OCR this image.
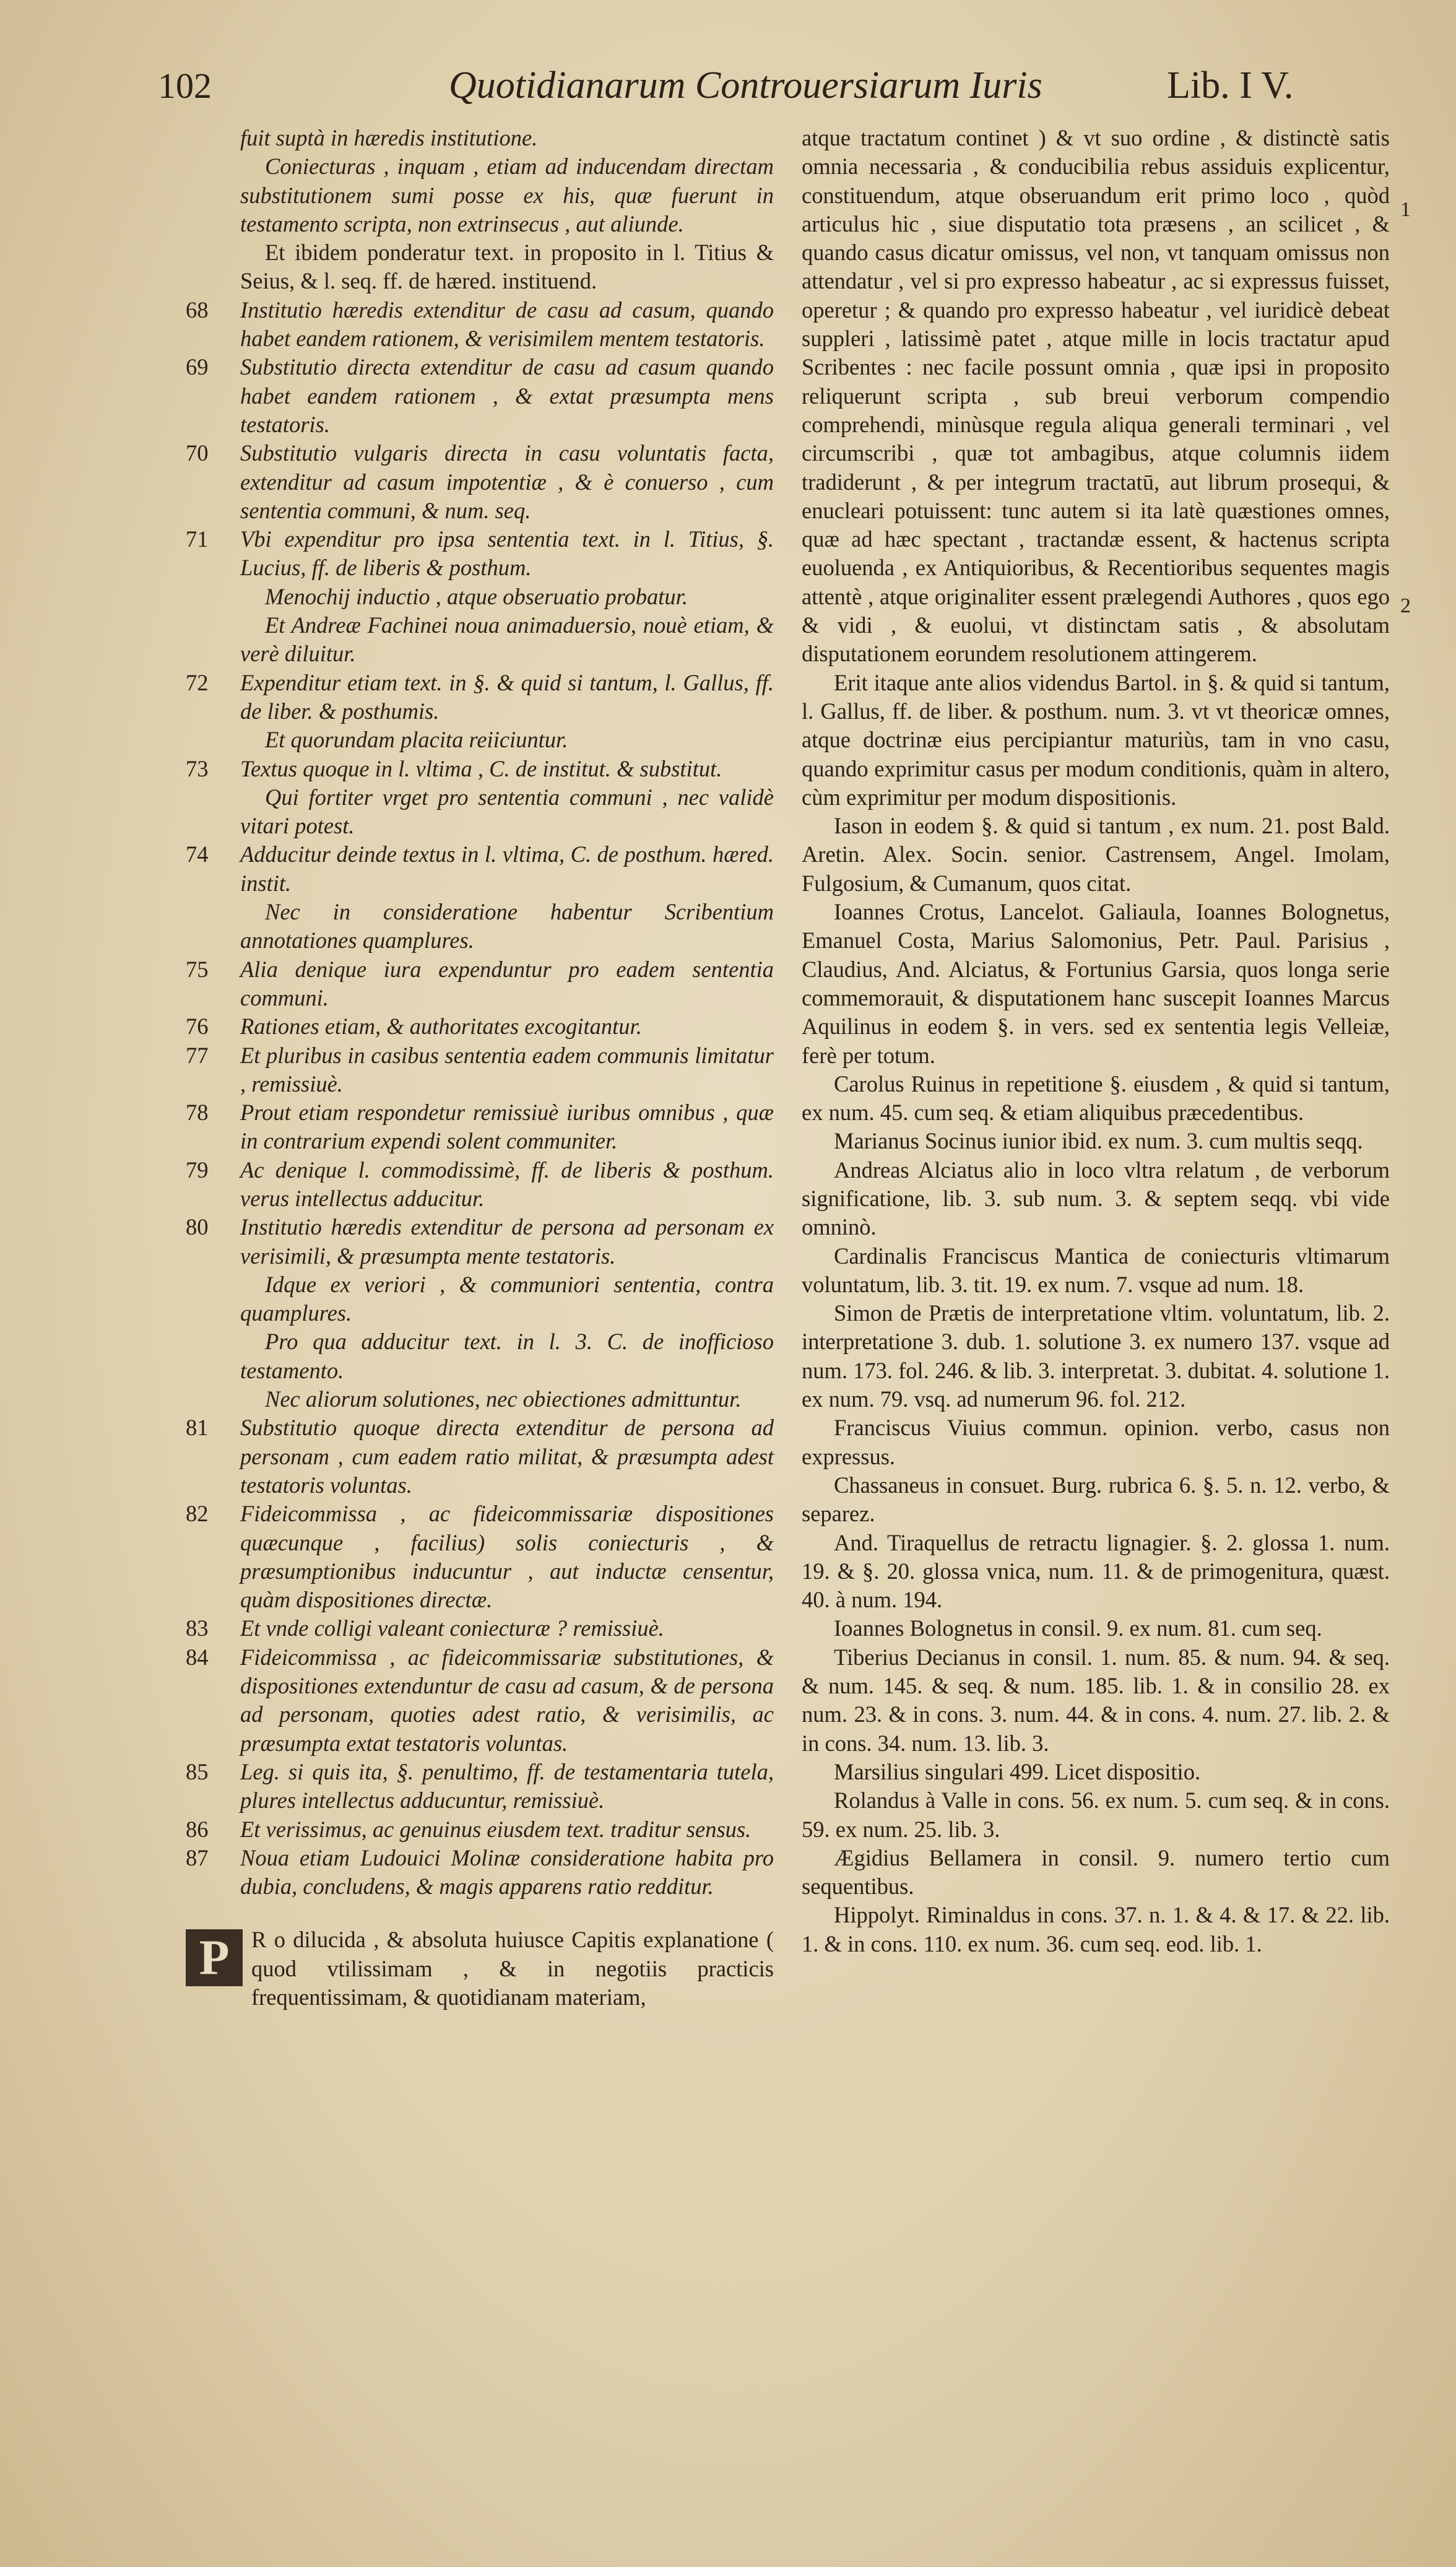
102	Quotidianarum Controuersiarum Iuris	Lib. I V.
fuit suptà in hæredis institutione.
Coniecturas , inquam , etiam ad inducendam directam substitutionem sumi posse ex his, quæ fuerunt in testamento scripta, non extrinsecus , aut aliunde.
Et ibidem ponderatur text. in proposito in l. Titius & Seius, & l. seq. ff. de hæred. instituend.
68	Institutio hæredis extenditur de casu ad casum, quando habet eandem rationem, & verisimilem mentem testatoris.
69	Substitutio directa extenditur de casu ad casum quando habet eandem rationem , & extat præsumpta mens testatoris.
70	Substitutio vulgaris directa in casu voluntatis facta, extenditur ad casum impotentiæ , & è conuerso , cum sententia communi, & num. seq.
71	Vbi expenditur pro ipsa sententia text. in l. Titius, §. Lucius, ff. de liberis & posthum.
Menochij inductio , atque obseruatio probatur.
Et Andreæ Fachinei noua animaduersio, nouè etiam, & verè diluitur.
72	Expenditur etiam text. in §. & quid si tantum, l. Gallus, ff. de liber. & posthumis.
Et quorundam placita reiiciuntur.
73	Textus quoque in l. vltima , C. de institut. & substitut.
Qui fortiter vrget pro sententia communi , nec validè vitari potest.
74	Adducitur deinde textus in l. vltima, C. de posthum. hæred. instit.
Nec in consideratione habentur Scribentium annotationes quamplures.
75	Alia denique iura expenduntur pro eadem sententia communi.
76	Rationes etiam, & authoritates excogitantur.
77	Et pluribus in casibus sententia eadem communis limitatur , remissiuè.
78	Prout etiam respondetur remissiuè iuribus omnibus , quæ in contrarium expendi solent communiter.
79	Ac denique l. commodissimè, ff. de liberis & posthum. verus intellectus adducitur.
80	Institutio hæredis extenditur de persona ad personam ex verisimili, & præsumpta mente testatoris.
Idque ex veriori , & communiori sententia, contra quamplures.
Pro qua adducitur text. in l. 3. C. de inofficioso testamento.
Nec aliorum solutiones, nec obiectiones admittuntur.
81	Substitutio quoque directa extenditur de persona ad personam , cum eadem ratio militat, & præsumpta adest testatoris voluntas.
82	Fideicommissa , ac fideicommissariæ dispositiones quæcunque , facilius) solis coniecturis , & præsumptionibus inducuntur , aut inductæ censentur, quàm dispositiones directæ.
83	Et vnde colligi valeant coniecturæ ? remissiuè.
84	Fideicommissa , ac fideicommissariæ substitutiones, & dispositiones extenduntur de casu ad casum, & de persona ad personam, quoties adest ratio, & verisimilis, ac præsumpta extat testatoris voluntas.
85	Leg. si quis ita, §. penultimo, ff. de testamentaria tutela, plures intellectus adducuntur, remissiuè.
86	Et verissimus, ac genuinus eiusdem text. traditur sensus.
87	Noua etiam Ludouici Molinæ consideratione habita pro dubia, concludens, & magis apparens ratio redditur.
P R o dilucida , & absoluta huiusce Capitis explanatione ( quod vtilissimam , & in negotiis practicis frequentissimam, & quotidianam materiam,
atque tractatum continet ) & vt suo ordine , & distinctè satis omnia necessaria , & conducibilia rebus assiduis explicentur, constituendum, atque obseruandum erit primo loco , quòd articulus hic , siue disputatio tota præsens , an scilicet , & quando casus dicatur omissus, vel non, vt tanquam omissus non attendatur , vel si pro expresso habeatur , ac si expressus fuisset, operetur ; & quando pro expresso habeatur , vel iuridicè debeat suppleri , latissimè patet , atque mille in locis tractatur apud Scribentes : nec facile possunt omnia , quæ ipsi in proposito reliquerunt scripta , sub breui verborum compendio comprehendi, minùsque regula aliqua generali terminari , vel circumscribi , quæ tot ambagibus, atque columnis iidem tradiderunt , & per integrum tractatū, aut librum prosequi, & enucleari potuissent: tunc autem si ita latè quæstiones omnes, quæ ad hæc spectant , tractandæ essent, & hactenus scripta euoluenda , ex Antiquioribus, & Recentioribus sequentes magis attentè , atque originaliter essent prælegendi Authores , quos ego & vidi , & euolui, vt distinctam satis , & absolutam disputationem eorundem resolutionem attingerem.
Erit itaque ante alios videndus Bartol. in §. & quid si tantum, l. Gallus, ff. de liber. & posthum. num. 3. vt vt theoricæ omnes, atque doctrinæ eius percipiantur maturiùs, tam in vno casu, quando exprimitur casus per modum conditionis, quàm in altero, cùm exprimitur per modum dispositionis.
Iason in eodem §. & quid si tantum , ex num. 21. post Bald. Aretin. Alex. Socin. senior. Castrensem, Angel. Imolam, Fulgosium, & Cumanum, quos citat.
Ioannes Crotus, Lancelot. Galiaula, Ioannes Bolognetus, Emanuel Costa, Marius Salomonius, Petr. Paul. Parisius , Claudius, And. Alciatus, & Fortunius Garsia, quos longa serie commemorauit, & disputationem hanc suscepit Ioannes Marcus Aquilinus in eodem §. in vers. sed ex sententia legis Velleiæ, ferè per totum.
Carolus Ruinus in repetitione §. eiusdem , & quid si tantum, ex num. 45. cum seq. & etiam aliquibus præcedentibus.
Marianus Socinus iunior ibid. ex num. 3. cum multis seqq.
Andreas Alciatus alio in loco vltra relatum , de verborum significatione, lib. 3. sub num. 3. & septem seqq. vbi vide omninò.
Cardinalis Franciscus Mantica de coniecturis vltimarum voluntatum, lib. 3. tit. 19. ex num. 7. vsque ad num. 18.
Simon de Prætis de interpretatione vltim. voluntatum, lib. 2. interpretatione 3. dub. 1. solutione 3. ex numero 137. vsque ad num. 173. fol. 246. & lib. 3. interpretat. 3. dubitat. 4. solutione 1. ex num. 79. vsq. ad numerum 96. fol. 212.
Franciscus Viuius commun. opinion. verbo, casus non expressus.
Chassaneus in consuet. Burg. rubrica 6. §. 5. n. 12. verbo, & separez.
And. Tiraquellus de retractu lignagier. §. 2. glossa 1. num. 19. & §. 20. glossa vnica, num. 11. & de primogenitura, quæst. 40. à num. 194.
Ioannes Bolognetus in consil. 9. ex num. 81. cum seq.
Tiberius Decianus in consil. 1. num. 85. & num. 94. & seq. & num. 145. & seq. & num. 185. lib. 1. & in consilio 28. ex num. 23. & in cons. 3. num. 44. & in cons. 4. num. 27. lib. 2. & in cons. 34. num. 13. lib. 3.
Marsilius singulari 499. Licet dispositio.
Rolandus à Valle in cons. 56. ex num. 5. cum seq. & in cons. 59. ex num. 25. lib. 3.
Ægidius Bellamera in consil. 9. numero tertio cum sequentibus.
Hippolyt. Riminaldus in cons. 37. n. 1. & 4. & 17. & 22. lib. 1. & in cons. 110. ex num. 36. cum seq. eod. lib. 1.
1
2
